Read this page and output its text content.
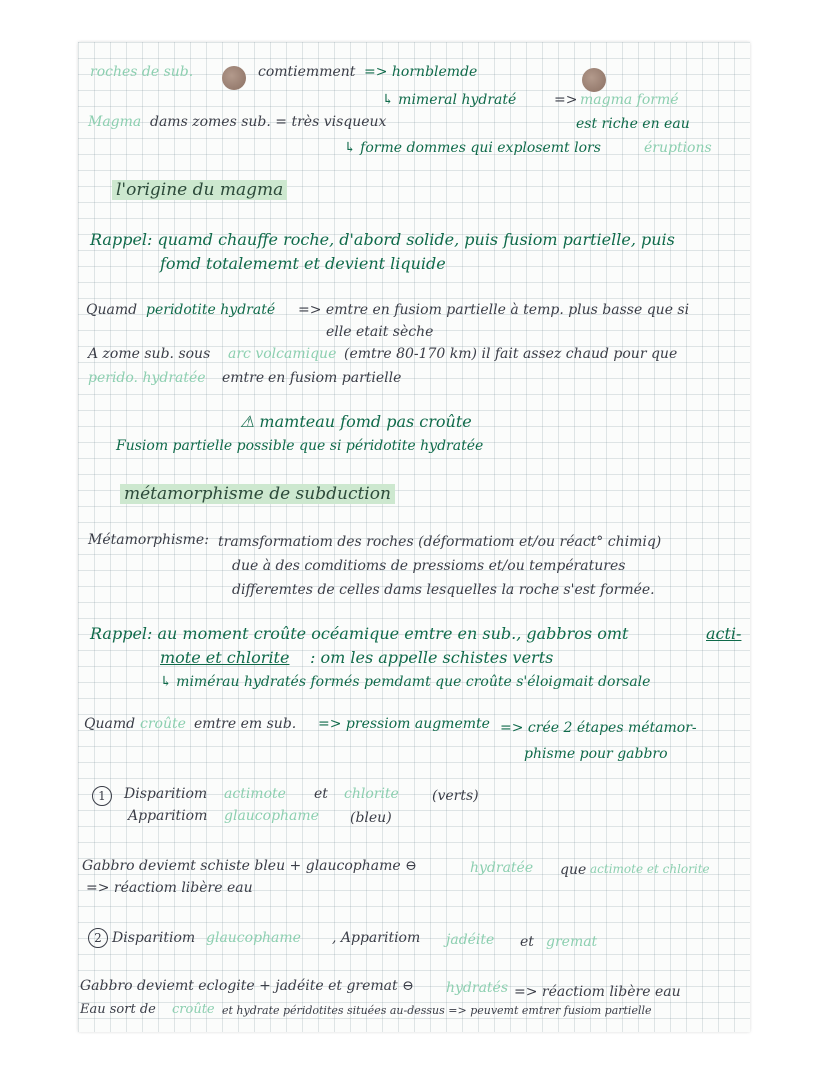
roches de sub.	comtiemment => hornblemde
↳ mimeral hydraté	=> magma formé
Magma dams zomes sub. = très visqueux	est riche en eau
↳ forme dommes qui explosemt lors	éruptions
l'origine du magma
Rappel: quamd chauffe roche, d'abord solide, puis fusiom partielle, puis
fomd totalememt et devient liquide
Quamd peridotite hydraté => emtre en fusiom partielle à temp. plus basse que si
elle etait sèche
A zome sub. sous arc volcamique (emtre 80-170 km) il fait assez chaud pour que
perido. hydratée emtre en fusiom partielle
⚠ mamteau fomd pas croûte
Fusiom partielle possible que si péridotite hydratée
métamorphisme de subduction
Métamorphisme: tramsformatiom des roches (déformatiom et/ou réact° chimiq)
due à des comditioms de pressioms et/ou températures
differemtes de celles dams lesquelles la roche s'est formée.
Rappel: au moment croûte océamique emtre en sub., gabbros omt	acti-
mote et chlorite : om les appelle schistes verts
↳ mimérau hydratés formés pemdamt que croûte s'éloigmait dorsale
Quamd croûte emtre em sub. => pressiom augmemte => crée 2 étapes métamor-
phisme pour gabbro
1	Disparitiom actimote et chlorite (verts)
Apparitiom glaucophame (bleu)
Gabbro deviemt schiste bleu + glaucophame ⊖	hydratée que actimote et chlorite
=> réactiom libère eau
2 Disparitiom glaucophame , Apparitiom jadéite et gremat
Gabbro deviemt eclogite + jadéite et gremat ⊖ hydratés => réactiom libère eau
Eau sort de croûte et hydrate péridotites situées au-dessus => peuvemt emtrer fusiom partielle
